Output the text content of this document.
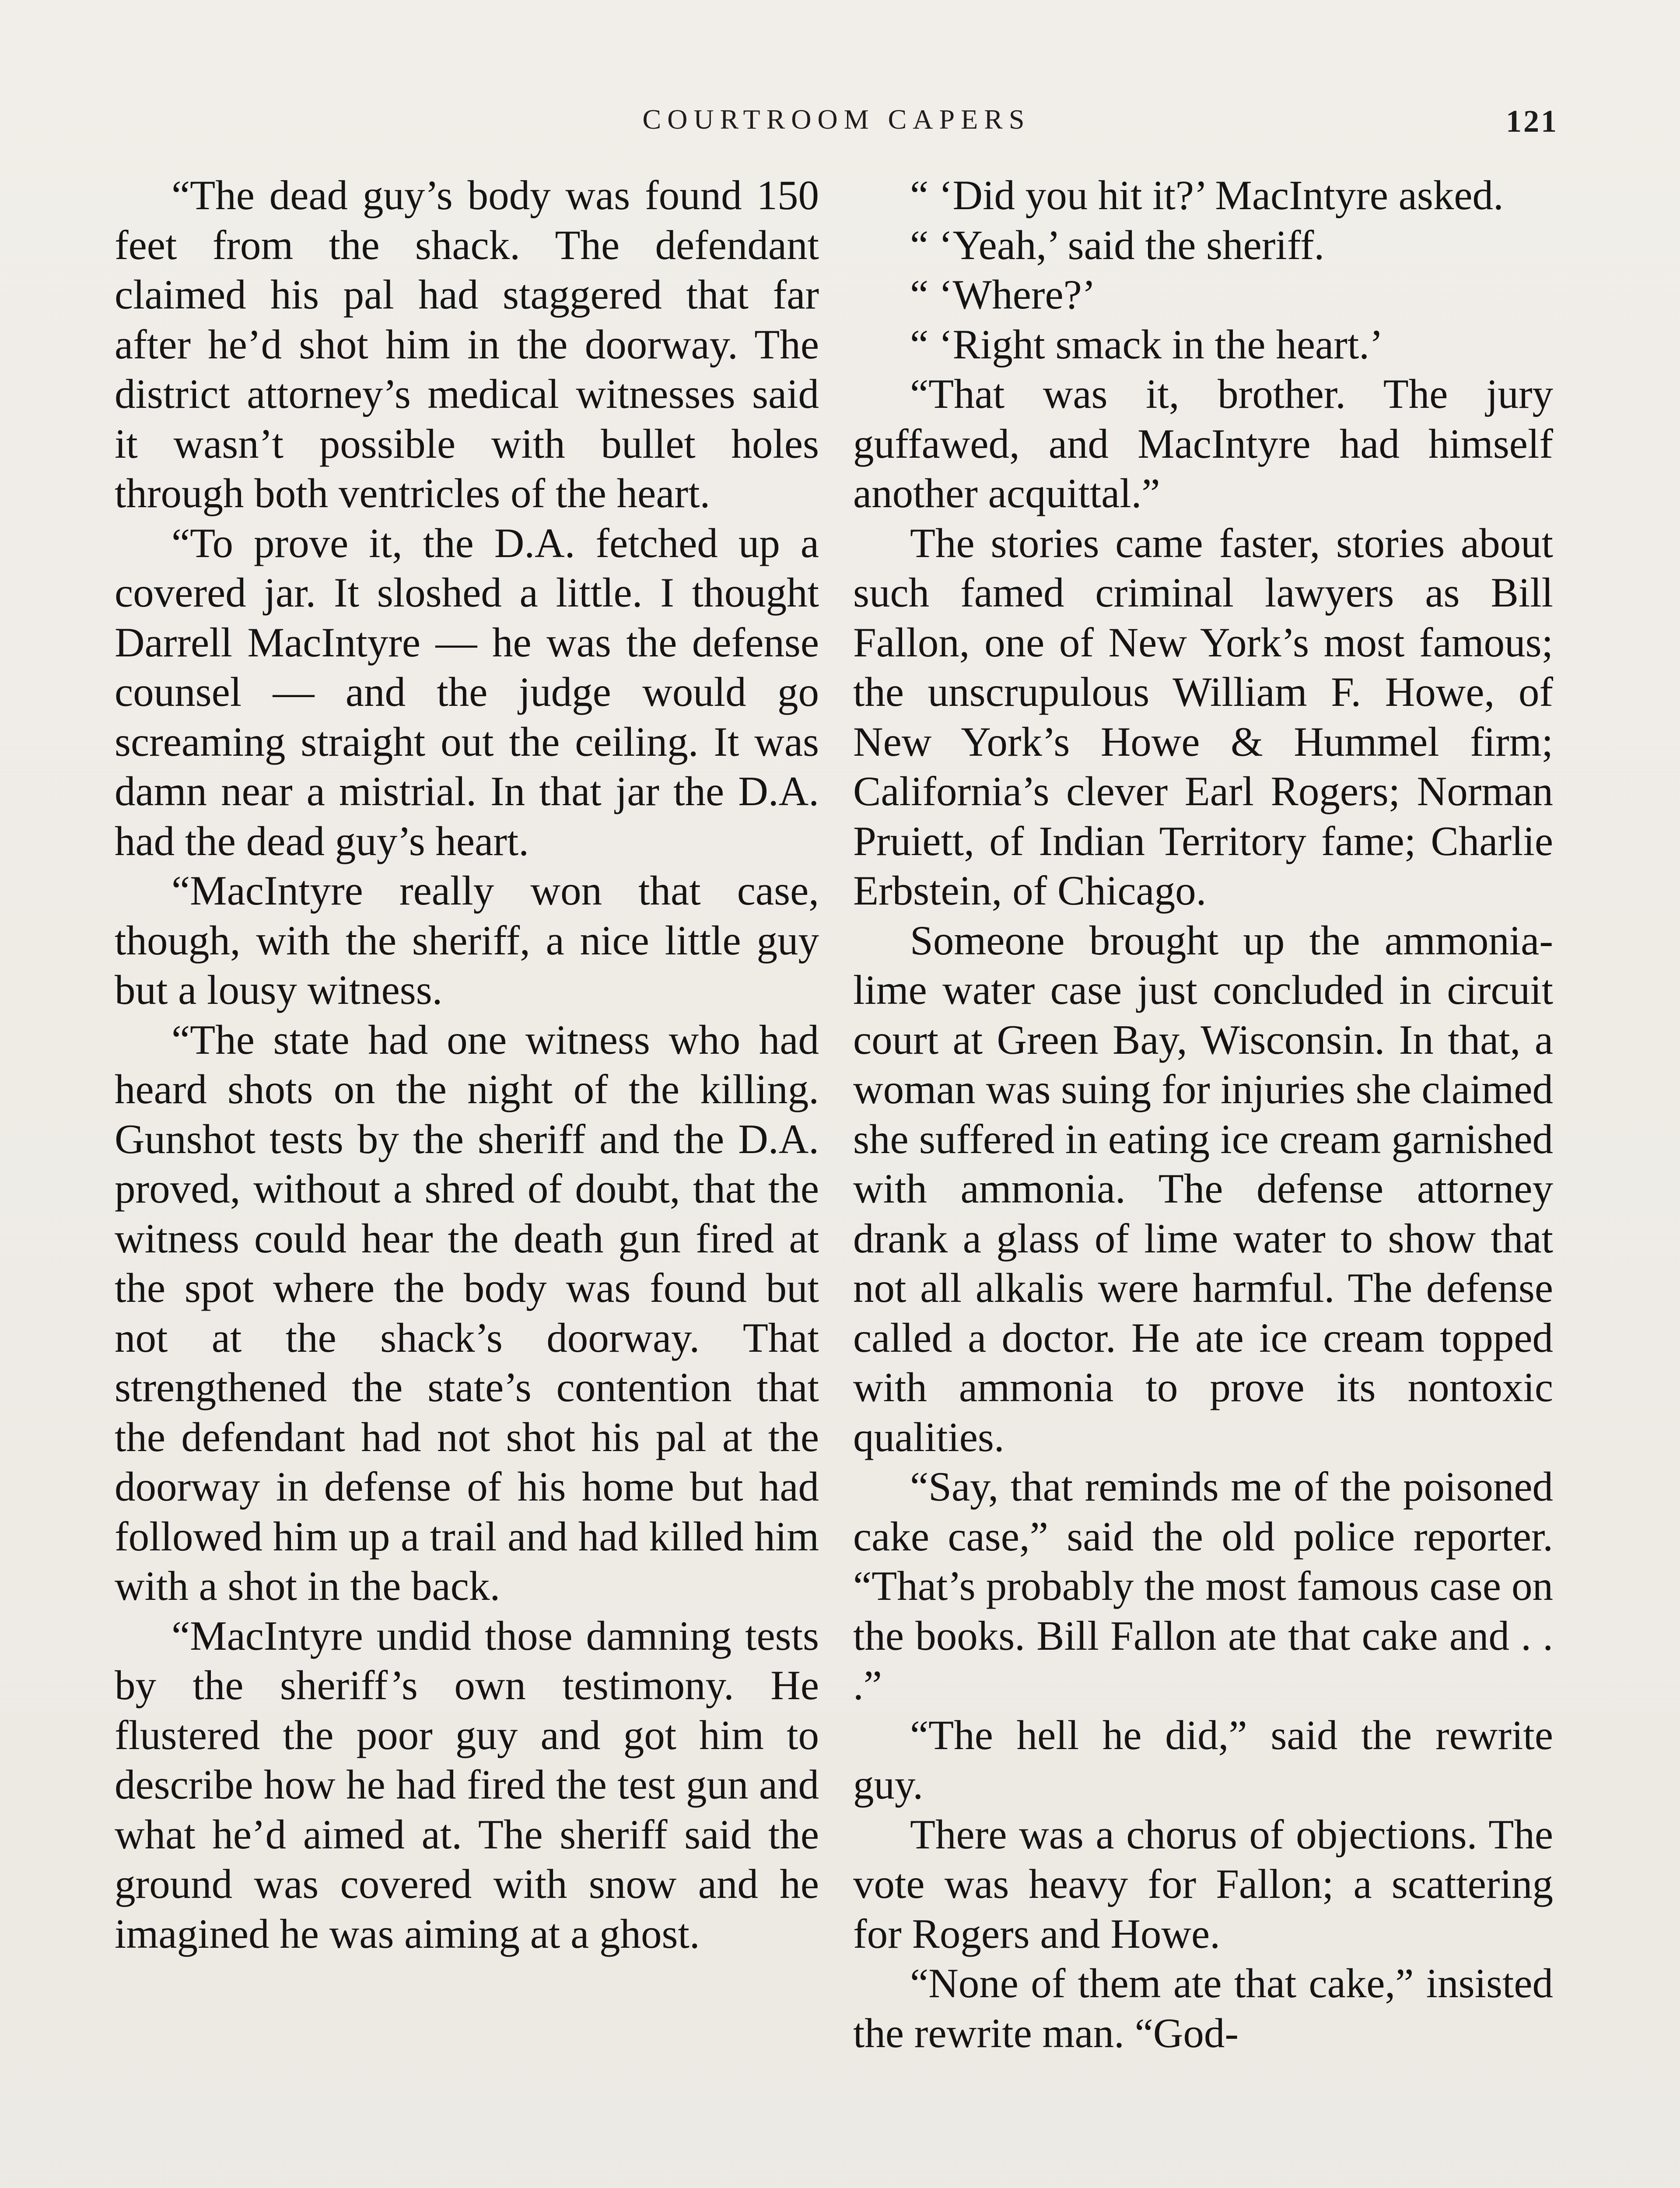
COURTROOM CAPERS	121

“The dead guy’s body was found 150 feet from the shack. The defendant claimed his pal had staggered that far after he’d shot him in the doorway. The district attorney’s medical witnesses said it wasn’t possible with bullet holes through both ventricles of the heart.

“To prove it, the D.A. fetched up a covered jar. It sloshed a little. I thought Darrell MacIntyre — he was the defense counsel — and the judge would go screaming straight out the ceiling. It was damn near a mistrial. In that jar the D.A. had the dead guy’s heart.

“MacIntyre really won that case, though, with the sheriff, a nice little guy but a lousy witness.

“The state had one witness who had heard shots on the night of the killing. Gunshot tests by the sheriff and the D.A. proved, without a shred of doubt, that the witness could hear the death gun fired at the spot where the body was found but not at the shack’s doorway. That strengthened the state’s contention that the defendant had not shot his pal at the doorway in defense of his home but had followed him up a trail and had killed him with a shot in the back.

“MacIntyre undid those damning tests by the sheriff’s own testimony. He flustered the poor guy and got him to describe how he had fired the test gun and what he’d aimed at. The sheriff said the ground was covered with snow and he imagined he was aiming at a ghost.

“ ‘Did you hit it?’ MacIntyre asked.

“ ‘Yeah,’ said the sheriff.

“ ‘Where?’

“ ‘Right smack in the heart.’

“That was it, brother. The jury guffawed, and MacIntyre had himself another acquittal.”

The stories came faster, stories about such famed criminal lawyers as Bill Fallon, one of New York’s most famous; the unscrupulous William F. Howe, of New York’s Howe & Hummel firm; California’s clever Earl Rogers; Norman Pruiett, of Indian Territory fame; Charlie Erbstein, of Chicago.

Someone brought up the ammonia-lime water case just concluded in circuit court at Green Bay, Wisconsin. In that, a woman was suing for injuries she claimed she suffered in eating ice cream garnished with ammonia. The defense attorney drank a glass of lime water to show that not all alkalis were harmful. The defense called a doctor. He ate ice cream topped with ammonia to prove its nontoxic qualities.

“Say, that reminds me of the poisoned cake case,” said the old police reporter. “That’s probably the most famous case on the books. Bill Fallon ate that cake and . . .”

“The hell he did,” said the rewrite guy.

There was a chorus of objections. The vote was heavy for Fallon; a scattering for Rogers and Howe.

“None of them ate that cake,” insisted the rewrite man. “God-
